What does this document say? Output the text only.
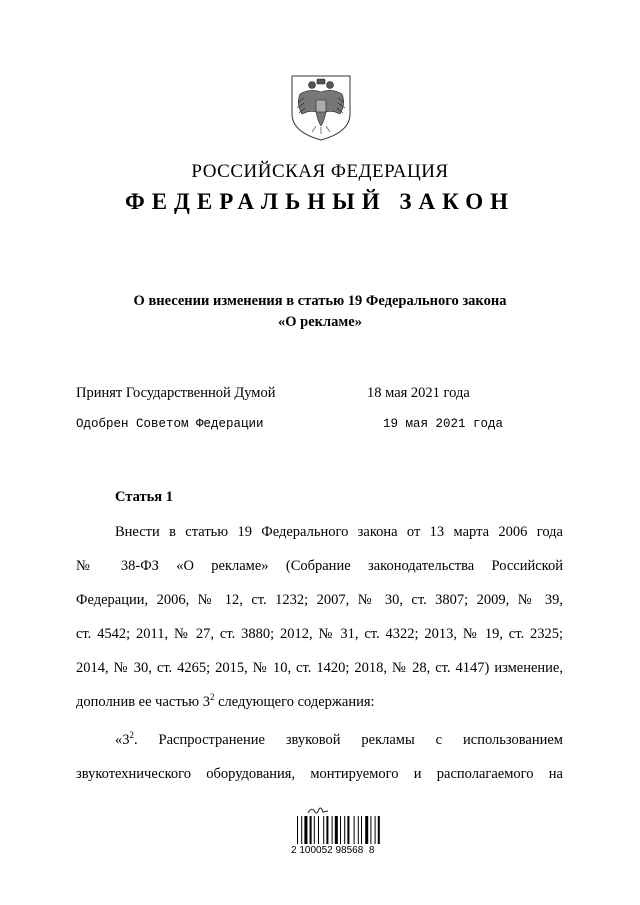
РОССИЙСКАЯ ФЕДЕРАЦИЯ
ФЕДЕРАЛЬНЫЙ ЗАКОН
О внесении изменения в статью 19 Федерального закона
«О рекламе»
Принят Государственной Думой	18 мая 2021 года
Одобрен Советом Федерации	19 мая 2021 года
Статья 1
Внести в статью 19 Федерального закона от 13 марта 2006 года
№ 38-ФЗ «О рекламе» (Собрание законодательства Российской
Федерации, 2006, № 12, ст. 1232; 2007, № 30, ст. 3807; 2009, № 39,
ст. 4542; 2011, № 27, ст. 3880; 2012, № 31, ст. 4322; 2013, № 19, ст. 2325;
2014, № 30, ст. 4265; 2015, № 10, ст. 1420; 2018, № 28, ст. 4147) изменение,
дополнив ее частью $3^2$ следующего содержания:
«$3^2$. Распространение звуковой рекламы с использованием
звукотехнического оборудования, монтируемого и располагаемого на
2 100052 98568  8
